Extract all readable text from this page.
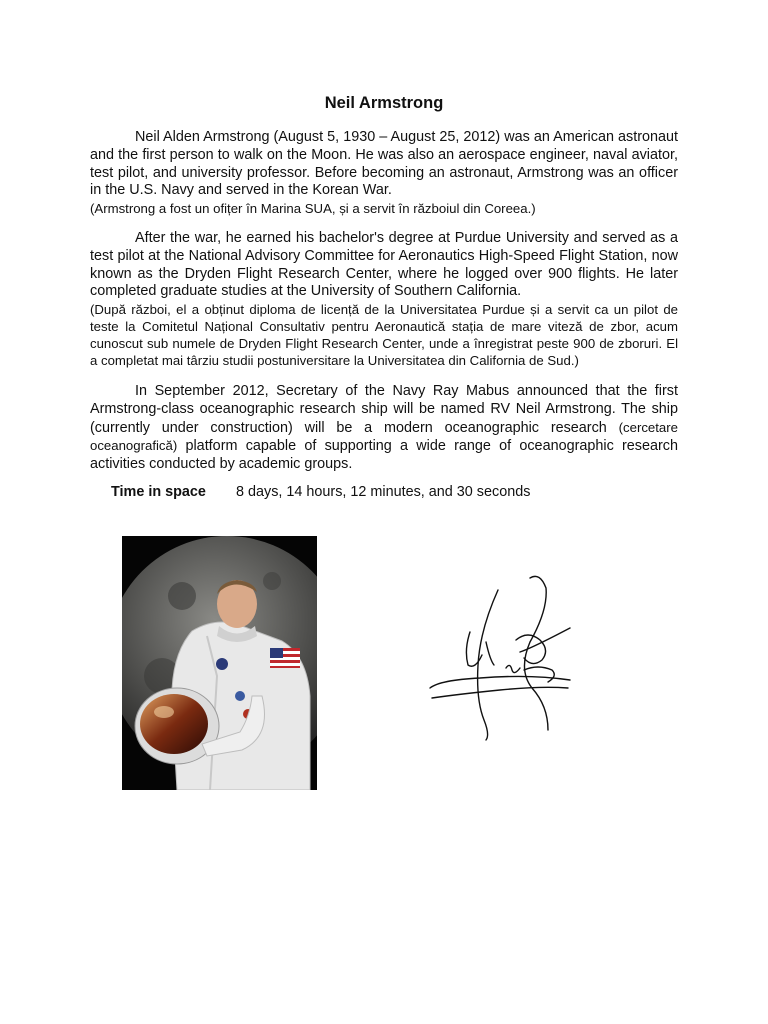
Neil Armstrong

Neil Alden Armstrong (August 5, 1930 – August 25, 2012) was an American astronaut and the first person to walk on the Moon. He was also an aerospace engineer, naval aviator, test pilot, and university professor. Before becoming an astronaut, Armstrong was an officer in the U.S. Navy and served in the Korean War.
(Armstrong a fost un ofițer în Marina SUA, și a servit în războiul din Coreea.)

After the war, he earned his bachelor's degree at Purdue University and served as a test pilot at the National Advisory Committee for Aeronautics High-Speed Flight Station, now known as the Dryden Flight Research Center, where he logged over 900 flights. He later completed graduate studies at the University of Southern California.
(După război, el a obținut diploma de licență de la Universitatea Purdue și a servit ca un pilot de teste la Comitetul Național Consultativ pentru Aeronautică stația de mare viteză de zbor, acum cunoscut sub numele de Dryden Flight Research Center, unde a înregistrat peste 900 de zboruri. El a completat mai târziu studii postuniversitare la Universitatea din California de Sud.)

In September 2012, Secretary of the Navy Ray Mabus announced that the first Armstrong-class oceanographic research ship will be named RV Neil Armstrong. The ship (currently under construction) will be a modern oceanographic research (cercetare oceanografică) platform capable of supporting a wide range of oceanographic research activities conducted by academic groups.

Time in space 8 days, 14 hours, 12 minutes, and 30 seconds
